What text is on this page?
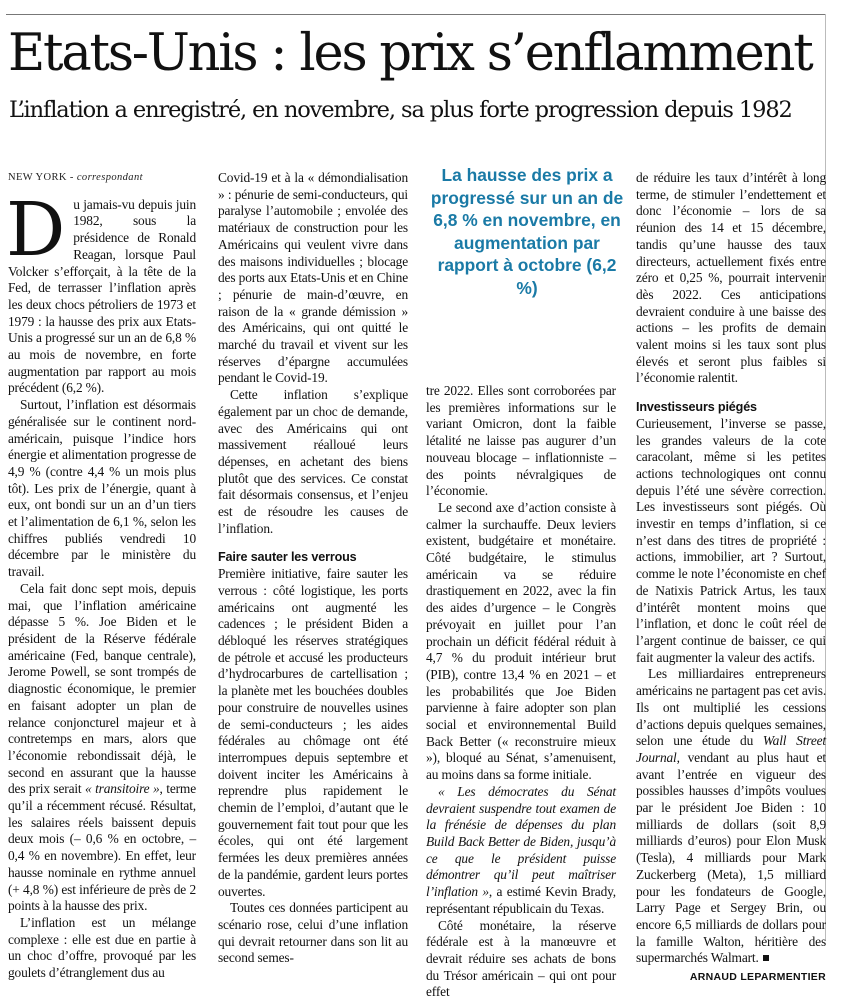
Etats-Unis : les prix s’enflamment
L’inflation a enregistré, en novembre, sa plus forte progression depuis 1982

NEW YORK - correspondant

Du jamais-vu depuis juin 1982, sous la présidence de Ronald Reagan, lorsque Paul Volcker s’efforçait, à la tête de la Fed, de terrasser l’inflation après les deux chocs pétroliers de 1973 et 1979 : la hausse des prix aux Etats-Unis a progressé sur un an de 6,8 % au mois de novembre, en forte augmentation par rapport au mois précédent (6,2 %).

Surtout, l’inflation est désormais généralisée sur le continent nord-américain, puisque l’indice hors énergie et alimentation progresse de 4,9 % (contre 4,4 % un mois plus tôt). Les prix de l’énergie, quant à eux, ont bondi sur un an d’un tiers et l’alimentation de 6,1 %, selon les chiffres publiés vendredi 10 décembre par le ministère du travail.

Cela fait donc sept mois, depuis mai, que l’inflation américaine dépasse 5 %. Joe Biden et le président de la Réserve fédérale américaine (Fed, banque centrale), Jerome Powell, se sont trompés de diagnostic économique, le premier en faisant adopter un plan de relance conjoncturel majeur et à contretemps en mars, alors que l’économie rebondissait déjà, le second en assurant que la hausse des prix serait « transitoire », terme qu’il a récemment récusé. Résultat, les salaires réels baissent depuis deux mois (– 0,6 % en octobre, – 0,4 % en novembre). En effet, leur hausse nominale en rythme annuel (+ 4,8 %) est inférieure de près de 2 points à la hausse des prix.

L’inflation est un mélange complexe : elle est due en partie à un choc d’offre, provoqué par les goulets d’étranglement dus au

Covid-19 et à la « démondialisation » : pénurie de semi-conducteurs, qui paralyse l’automobile ; envolée des matériaux de construction pour les Américains qui veulent vivre dans des maisons individuelles ; blocage des ports aux Etats-Unis et en Chine ; pénurie de main-d’œuvre, en raison de la « grande démission » des Américains, qui ont quitté le marché du travail et vivent sur les réserves d’épargne accumulées pendant le Covid-19.

Cette inflation s’explique également par un choc de demande, avec des Américains qui ont massivement réalloué leurs dépenses, en achetant des biens plutôt que des services. Ce constat fait désormais consensus, et l’enjeu est de résoudre les causes de l’inflation.

Faire sauter les verrous

Première initiative, faire sauter les verrous : côté logistique, les ports américains ont augmenté les cadences ; le président Biden a débloqué les réserves stratégiques de pétrole et accusé les producteurs d’hydrocarbures de cartellisation ; la planète met les bouchées doubles pour construire de nouvelles usines de semi-conducteurs ; les aides fédérales au chômage ont été interrompues depuis septembre et doivent inciter les Américains à reprendre plus rapidement le chemin de l’emploi, d’autant que le gouvernement fait tout pour que les écoles, qui ont été largement fermées les deux premières années de la pandémie, gardent leurs portes ouvertes.

Toutes ces données participent au scénario rose, celui d’une inflation qui devrait retourner dans son lit au second semes-

La hausse des prix a progressé sur un an de 6,8 % en novembre, en augmentation par rapport à octobre (6,2 %)

tre 2022. Elles sont corroborées par les premières informations sur le variant Omicron, dont la faible létalité ne laisse pas augurer d’un nouveau blocage – inflationniste – des points névralgiques de l’économie.

Le second axe d’action consiste à calmer la surchauffe. Deux leviers existent, budgétaire et monétaire. Côté budgétaire, le stimulus américain va se réduire drastiquement en 2022, avec la fin des aides d’urgence – le Congrès prévoyait en juillet pour l’an prochain un déficit fédéral réduit à 4,7 % du produit intérieur brut (PIB), contre 13,4 % en 2021 – et les probabilités que Joe Biden parvienne à faire adopter son plan social et environnemental Build Back Better (« reconstruire mieux »), bloqué au Sénat, s’amenuisent, au moins dans sa forme initiale.

« Les démocrates du Sénat devraient suspendre tout examen de la frénésie de dépenses du plan Build Back Better de Biden, jusqu’à ce que le président puisse démontrer qu’il peut maîtriser l’inflation », a estimé Kevin Brady, représentant républicain du Texas.

Côté monétaire, la réserve fédérale est à la manœuvre et devrait réduire ses achats de bons du Trésor américain – qui ont pour effet

de réduire les taux d’intérêt à long terme, de stimuler l’endettement et donc l’économie – lors de sa réunion des 14 et 15 décembre, tandis qu’une hausse des taux directeurs, actuellement fixés entre zéro et 0,25 %, pourrait intervenir dès 2022. Ces anticipations devraient conduire à une baisse des actions – les profits de demain valent moins si les taux sont plus élevés et seront plus faibles si l’économie ralentit.

Investisseurs piégés

Curieusement, l’inverse se passe, les grandes valeurs de la cote caracolant, même si les petites actions technologiques ont connu depuis l’été une sévère correction. Les investisseurs sont piégés. Où investir en temps d’inflation, si ce n’est dans des titres de propriété : actions, immobilier, art ? Surtout, comme le note l’économiste en chef de Natixis Patrick Artus, les taux d’intérêt montent moins que l’inflation, et donc le coût réel de l’argent continue de baisser, ce qui fait augmenter la valeur des actifs.

Les milliardaires entrepreneurs américains ne partagent pas cet avis. Ils ont multiplié les cessions d’actions depuis quelques semaines, selon une étude du Wall Street Journal, vendant au plus haut et avant l’entrée en vigueur des possibles hausses d’impôts voulues par le président Joe Biden : 10 milliards de dollars (soit 8,9 milliards d’euros) pour Elon Musk (Tesla), 4 milliards pour Mark Zuckerberg (Meta), 1,5 milliard pour les fondateurs de Google, Larry Page et Sergey Brin, ou encore 6,5 milliards de dollars pour la famille Walton, héritière des supermarchés Walmart.

ARNAUD LEPARMENTIER
